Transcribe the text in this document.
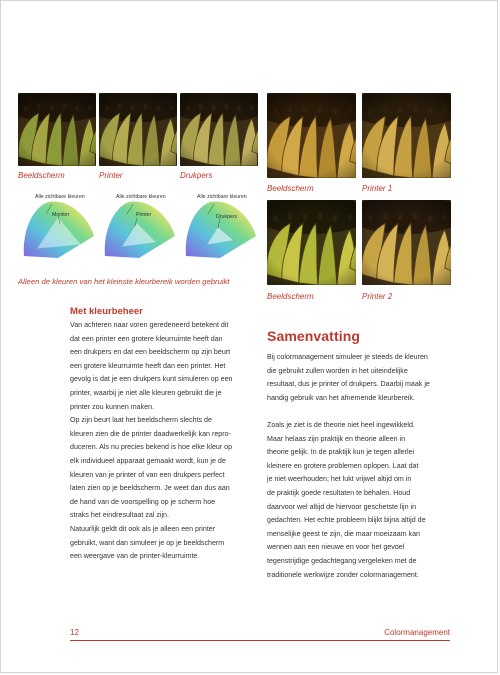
Beeldscherm	Printer	Drukpers
Alle zichtbare kleuren
Monitor
Alle zichtbare kleuren
Printer
Alle zichtbare kleuren
Drukpers
Alleen de kleuren van het kleinste kleurbereik worden gebruikt
Beeldscherm	Printer 1
Beeldscherm	Printer 2
Met kleurbeheer
Van achteren naar voren geredeneerd betekent dit
dat een printer een grotere kleurruimte heeft dan
een drukpers en dat een beeldscherm op zijn beurt
een grotere kleurruimte heeft dan een printer. Het
gevolg is dat je een drukpers kunt simuleren op een
printer, waarbij je niet alle kleuren gebruikt die je
printer zou kunnen maken.
Op zijn beurt laat het beeldscherm slechts de
kleuren zien die de printer daadwerkelijk kan repro-
duceren. Als nu precies bekend is hoe elke kleur op
elk individueel apparaat gemaakt wordt, kun je de
kleuren van je printer of van een drukpers perfect
laten zien op je beeldscherm. Je weet dan dus aan
de hand van de voorspelling op je scherm hoe
straks het eindresultaat zal zijn.
Natuurlijk geldt dit ook als je alleen een printer
gebruikt, want dan simuleer je op je beeldscherm
een weergave van de printer-kleurruimte.
Samenvatting
Bij colormanagement simuleer je steeds de kleuren
die gebruikt zullen worden in het uiteindelijke
resultaat, dus je printer of drukpers. Daarbij maak je
handig gebruik van het afnemende kleurbereik.
Zoals je ziet is de theorie niet heel ingewikkeld.
Maar helaas zijn praktijk en theorie alleen in
theorie gelijk. In de praktijk kun je tegen allerlei
kleinere en grotere problemen oplopen. Laat dat
je niet weerhouden; het lukt vrijwel altijd om in
de praktijk goede resultaten te behalen. Houd
daarvoor wel altijd de hiervoor geschetste lijn in
gedachten. Het echte probleem blijkt bijna altijd de
menselijke geest te zijn, die maar moeizaam kan
wennen aan een nieuwe en voor het gevoel
tegenstrijdige gedachtegang vergeleken met de
traditionele werkwijze zonder colormanagement.
12	Colormanagement
